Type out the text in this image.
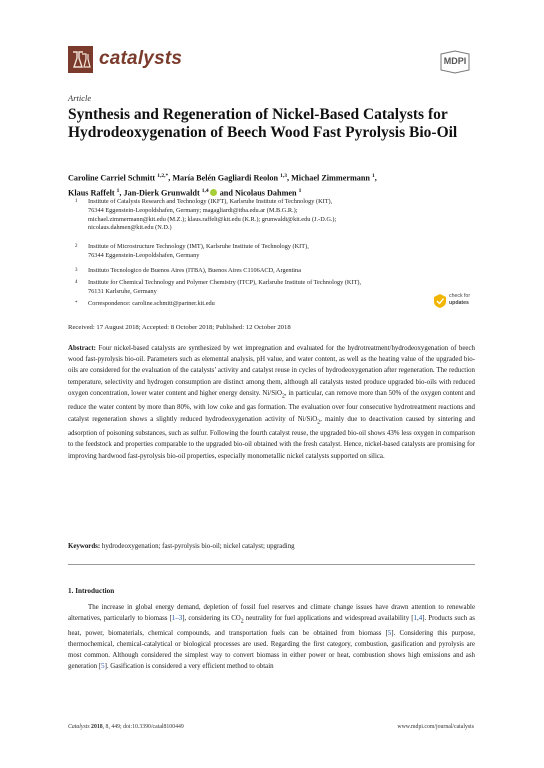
catalysts	MDPI
Article
Synthesis and Regeneration of Nickel-Based Catalysts for Hydrodeoxygenation of Beech Wood Fast Pyrolysis Bio-Oil
Caroline Carriel Schmitt $^{1,2,*}$, María Belén Gagliardi Reolon $^{1,3}$, Michael Zimmermann $^1$,
Klaus Raffelt $^1$, Jan-Dierk Grunwaldt $^{1,4}$ and Nicolaus Dahmen $^1$
1 Institute of Catalysis Research and Technology (IKFT), Karlsruhe Institute of Technology (KIT),
76344 Eggenstein-Leopoldshafen, Germany; magagliardi@itba.edu.ar (M.B.G.R.);
michael.zimmermann@kit.edu (M.Z.); klaus.raffelt@kit.edu (K.R.); grunwaldt@kit.edu (J.-D.G.);
nicolaus.dahmen@kit.edu (N.D.)
2 Institute of Microstructure Technology (IMT), Karlsruhe Institute of Technology (KIT),
76344 Eggenstein-Leopoldshafen, Germany
3 Instituto Tecnologico de Buenos Aires (ITBA), Buenos Aires C1106ACD, Argentina
4 Institute for Chemical Technology and Polymer Chemistry (ITCP), Karlsruhe Institute of Technology (KIT),
76131 Karlsruhe, Germany
* Correspondence: caroline.schmitt@partner.kit.edu
check for
updates
Received: 17 August 2018; Accepted: 8 October 2018; Published: 12 October 2018
Abstract: Four nickel-based catalysts are synthesized by wet impregnation and evaluated for the hydrotreatment/hydrodeoxygenation of beech wood fast-pyrolysis bio-oil. Parameters such as elemental analysis, pH value, and water content, as well as the heating value of the upgraded bio-oils are considered for the evaluation of the catalysts’ activity and catalyst reuse in cycles of hydrodeoxygenation after regeneration. The reduction temperature, selectivity and hydrogen consumption are distinct among them, although all catalysts tested produce upgraded bio-oils with reduced oxygen concentration, lower water content and higher energy density. Ni/SiO$_2$, in particular, can remove more than 50% of the oxygen content and reduce the water content by more than 80%, with low coke and gas formation. The evaluation over four consecutive hydrotreatment reactions and catalyst regeneration shows a slightly reduced hydrodeoxygenation activity of Ni/SiO$_2$, mainly due to deactivation caused by sintering and adsorption of poisoning substances, such as sulfur. Following the fourth catalyst reuse, the upgraded bio-oil shows 43% less oxygen in comparison to the feedstock and properties comparable to the upgraded bio-oil obtained with the fresh catalyst. Hence, nickel-based catalysts are promising for improving hardwood fast-pyrolysis bio-oil properties, especially monometallic nickel catalysts supported on silica.
Keywords: hydrodeoxygenation; fast-pyrolysis bio-oil; nickel catalyst; upgrading
1. Introduction
The increase in global energy demand, depletion of fossil fuel reserves and climate change issues have drawn attention to renewable alternatives, particularly to biomass [1–3], considering its $CO_2$ neutrality for fuel applications and widespread availability [1,4]. Products such as heat, power, biomaterials, chemical compounds, and transportation fuels can be obtained from biomass [5]. Considering this purpose, thermochemical, chemical-catalytical or biological processes are used. Regarding the first category, combustion, gasification and pyrolysis are most common. Although considered the simplest way to convert biomass in either power or heat, combustion shows high emissions and ash generation [5]. Gasification is considered a very efficient method to obtain
Catalysts 2018, 8, 449; doi:10.3390/catal8100449	www.mdpi.com/journal/catalysts
